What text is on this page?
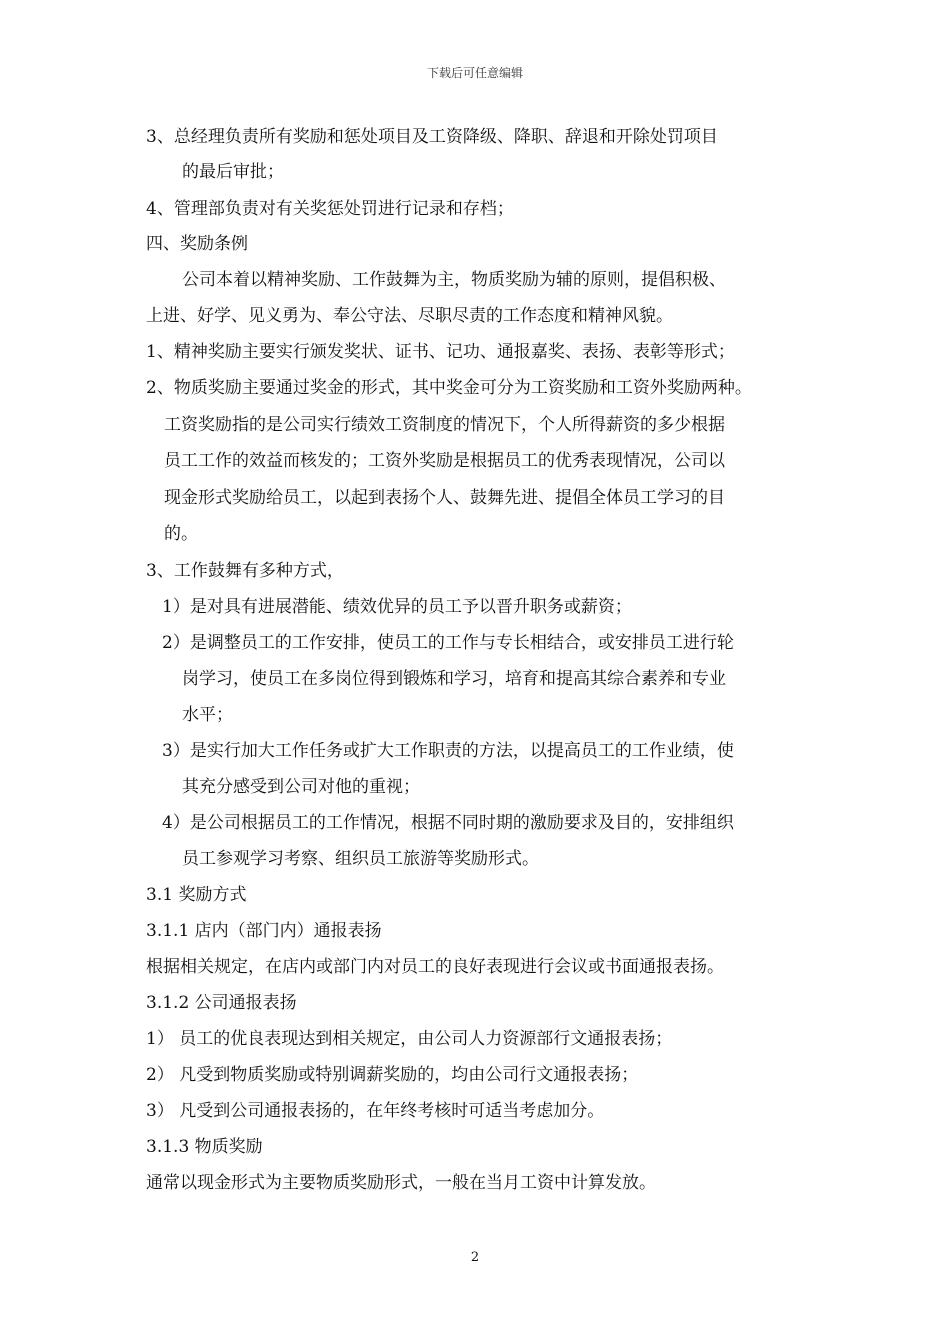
下载后可任意编辑
3、总经理负责所有奖励和惩处项目及工资降级、降职、辞退和开除处罚项目
的最后审批；
4、管理部负责对有关奖惩处罚进行记录和存档；
四、奖励条例
公司本着以精神奖励、工作鼓舞为主，物质奖励为辅的原则，提倡积极、
上进、好学、见义勇为、奉公守法、尽职尽责的工作态度和精神风貌。
1、精神奖励主要实行颁发奖状、证书、记功、通报嘉奖、表扬、表彰等形式；
2、物质奖励主要通过奖金的形式，其中奖金可分为工资奖励和工资外奖励两种。
工资奖励指的是公司实行绩效工资制度的情况下，个人所得薪资的多少根据
员工工作的效益而核发的；工资外奖励是根据员工的优秀表现情况，公司以
现金形式奖励给员工，以起到表扬个人、鼓舞先进、提倡全体员工学习的目
的。
3、工作鼓舞有多种方式，
1）是对具有进展潜能、绩效优异的员工予以晋升职务或薪资；
2）是调整员工的工作安排，使员工的工作与专长相结合，或安排员工进行轮
岗学习，使员工在多岗位得到锻炼和学习，培育和提高其综合素养和专业
水平；
3）是实行加大工作任务或扩大工作职责的方法，以提高员工的工作业绩，使
其充分感受到公司对他的重视；
4）是公司根据员工的工作情况，根据不同时期的激励要求及目的，安排组织
员工参观学习考察、组织员工旅游等奖励形式。
3.1 奖励方式
3.1.1 店内（部门内）通报表扬
根据相关规定，在店内或部门内对员工的良好表现进行会议或书面通报表扬。
3.1.2 公司通报表扬
1） 员工的优良表现达到相关规定，由公司人力资源部行文通报表扬；
2） 凡受到物质奖励或特别调薪奖励的，均由公司行文通报表扬；
3） 凡受到公司通报表扬的，在年终考核时可适当考虑加分。
3.1.3 物质奖励
通常以现金形式为主要物质奖励形式，一般在当月工资中计算发放。
2
